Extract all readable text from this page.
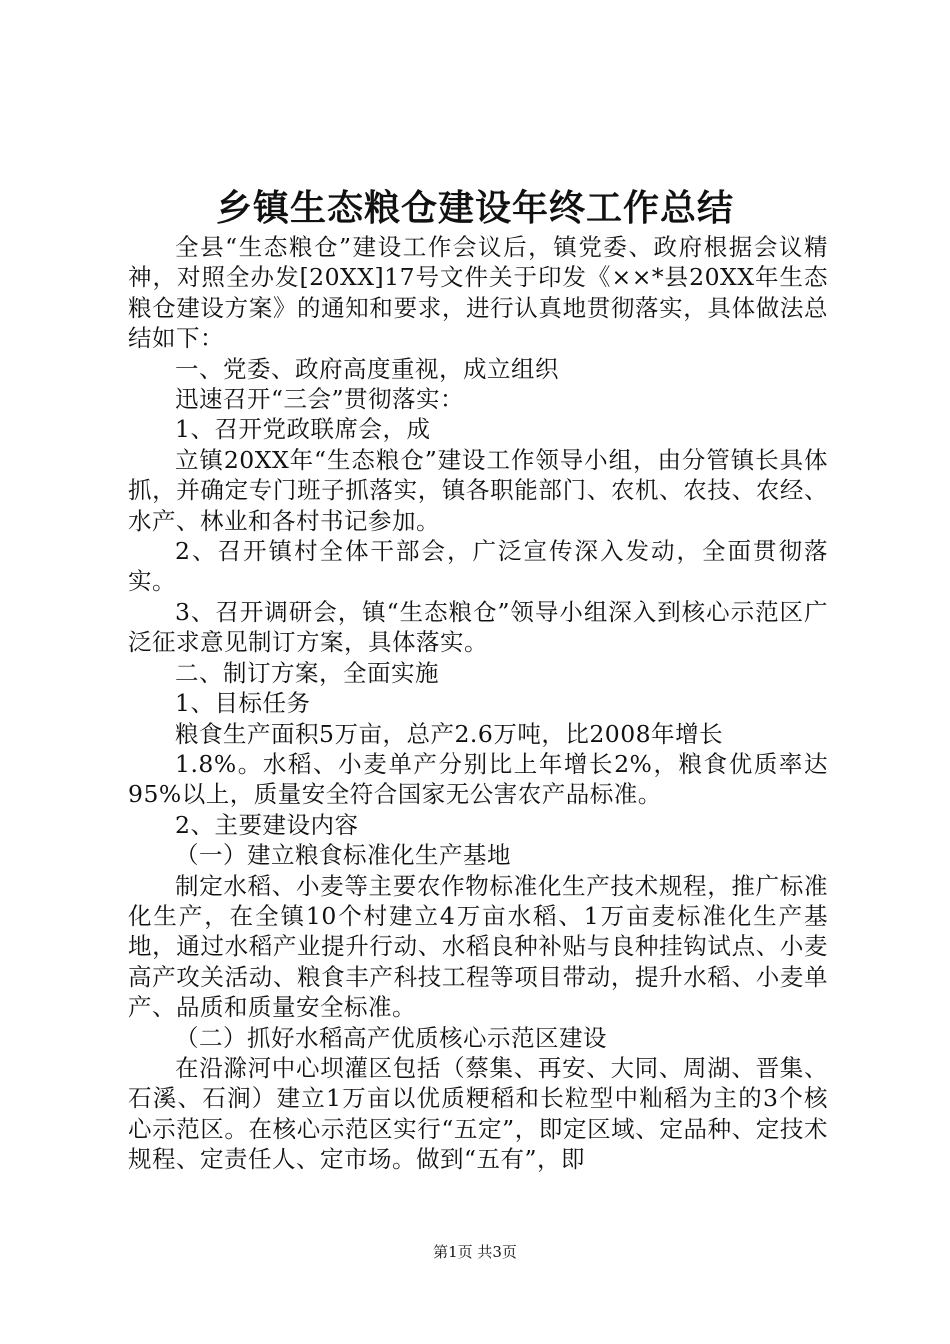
乡镇生态粮仓建设年终工作总结

全县“生态粮仓”建设工作会议后，镇党委、政府根据会议精神，对照全办发[20XX]17号文件关于印发《××*县20XX年生态粮仓建设方案》的通知和要求，进行认真地贯彻落实，具体做法总结如下：

一、党委、政府高度重视，成立组织

迅速召开“三会”贯彻落实：

1、召开党政联席会，成

立镇20XX年“生态粮仓”建设工作领导小组，由分管镇长具体抓，并确定专门班子抓落实，镇各职能部门、农机、农技、农经、水产、林业和各村书记参加。

2、召开镇村全体干部会，广泛宣传深入发动，全面贯彻落实。

3、召开调研会，镇“生态粮仓”领导小组深入到核心示范区广泛征求意见制订方案，具体落实。

二、制订方案，全面实施

1、目标任务

粮食生产面积5万亩，总产2.6万吨，比2008年增长

1.8%。水稻、小麦单产分别比上年增长2%，粮食优质率达95%以上，质量安全符合国家无公害农产品标准。

2、主要建设内容

（一）建立粮食标准化生产基地

制定水稻、小麦等主要农作物标准化生产技术规程，推广标准化生产，在全镇10个村建立4万亩水稻、1万亩麦标准化生产基地，通过水稻产业提升行动、水稻良种补贴与良种挂钩试点、小麦高产攻关活动、粮食丰产科技工程等项目带动，提升水稻、小麦单产、品质和质量安全标准。

（二）抓好水稻高产优质核心示范区建设

在沿滁河中心坝灌区包括（蔡集、再安、大同、周湖、晋集、石溪、石涧）建立1万亩以优质粳稻和长粒型中籼稻为主的3个核心示范区。在核心示范区实行“五定”，即定区域、定品种、定技术规程、定责任人、定市场。做到“五有”，即

第1页 共3页
